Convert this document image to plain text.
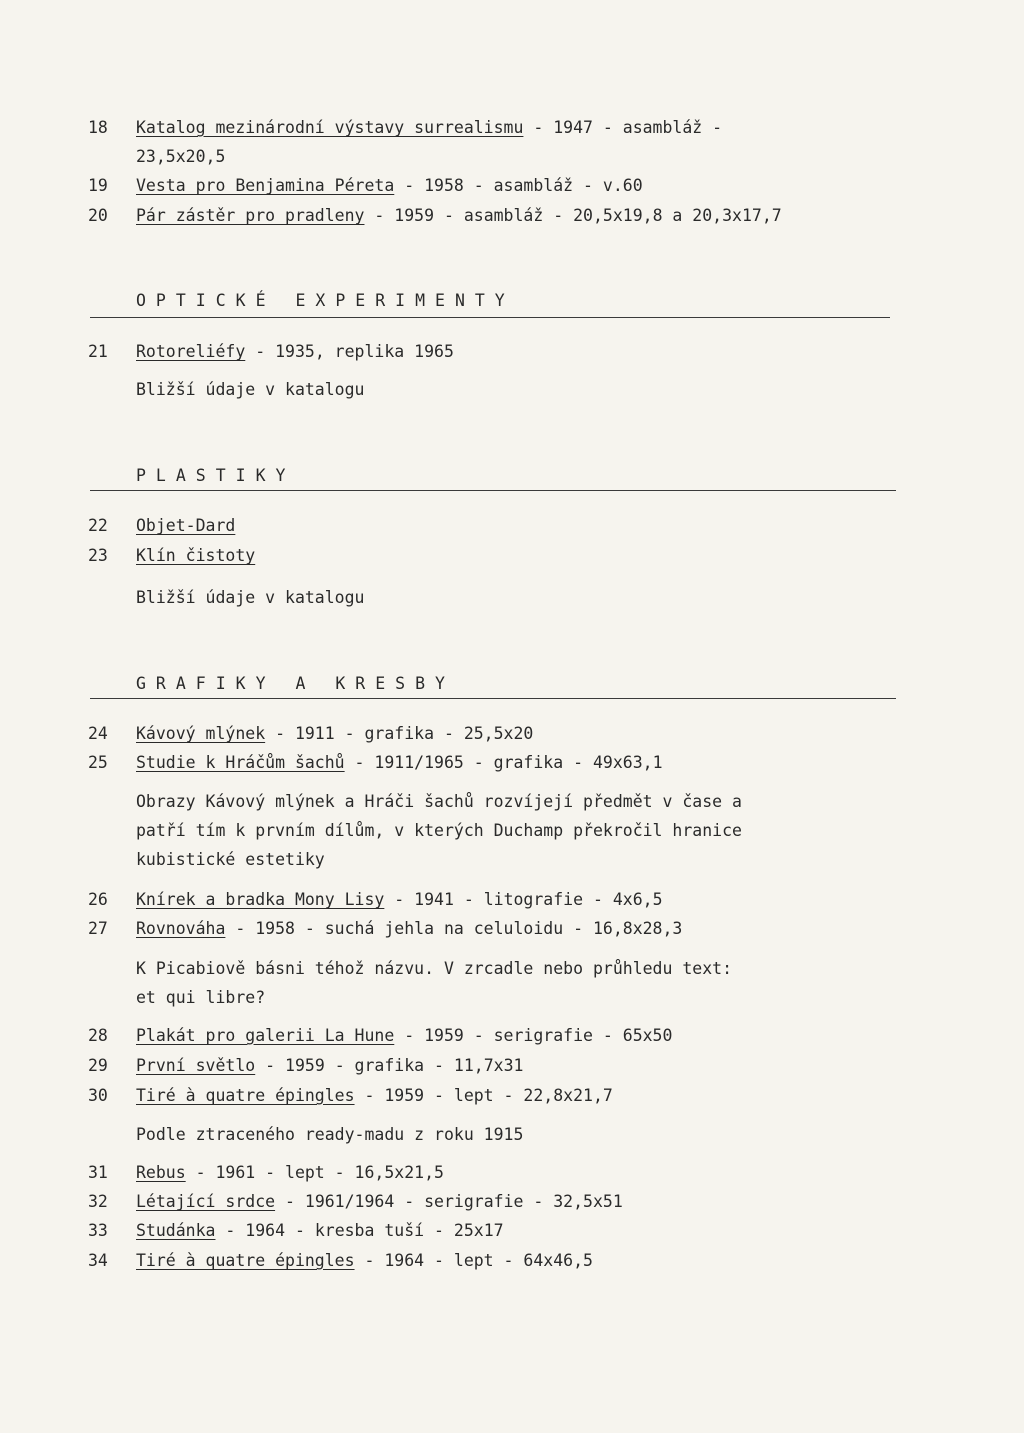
18 Katalog mezinárodní výstavy surrealismu - 1947 - asambláž -
23,5x20,5
19 Vesta pro Benjamina Péreta - 1958 - asambláž - v.60
20 Pár zástěr pro pradleny - 1959 - asambláž - 20,5x19,8 a 20,3x17,7
OPTICKÉ EXPERIMENTY
21 Rotoreliéfy - 1935, replika 1965
Bližší údaje v katalogu
PLASTIKY
22 Objet-Dard
23 Klín čistoty
Bližší údaje v katalogu
GRAFIKY A KRESBY
24 Kávový mlýnek - 1911 - grafika - 25,5x20
25 Studie k Hráčům šachů - 1911/1965 - grafika - 49x63,1
Obrazy Kávový mlýnek a Hráči šachů rozvíjejí předmět v čase a
patří tím k prvním dílům, v kterých Duchamp překročil hranice
kubistické estetiky
26 Knírek a bradka Mony Lisy - 1941 - litografie - 4x6,5
27 Rovnováha - 1958 - suchá jehla na celuloidu - 16,8x28,3
K Picabiově básni téhož názvu. V zrcadle nebo průhledu text:
et qui libre?
28 Plakát pro galerii La Hune - 1959 - serigrafie - 65x50
29 První světlo - 1959 - grafika - 11,7x31
30 Tiré à quatre épingles - 1959 - lept - 22,8x21,7
Podle ztraceného ready-madu z roku 1915
31 Rebus - 1961 - lept - 16,5x21,5
32 Létající srdce - 1961/1964 - serigrafie - 32,5x51
33 Studánka - 1964 - kresba tuší - 25x17
34 Tiré à quatre épingles - 1964 - lept - 64x46,5
